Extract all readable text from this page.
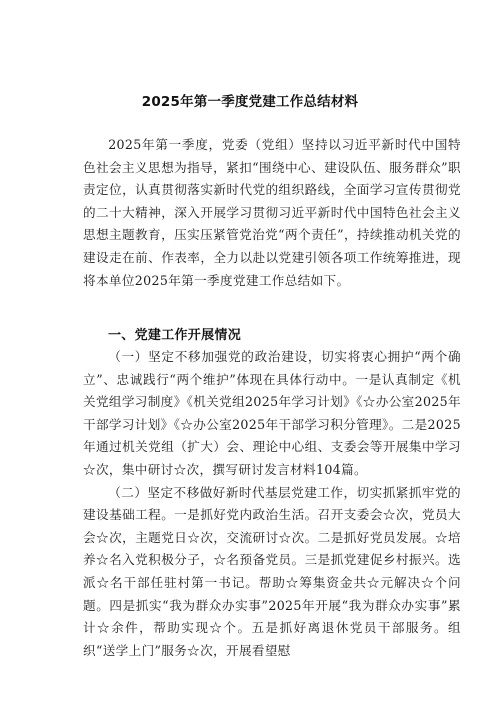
2025年第一季度党建工作总结材料

2025年第一季度，党委（党组）坚持以习近平新时代中国特色社会主义思想为指导，紧扣“围绕中心、建设队伍、服务群众”职责定位，认真贯彻落实新时代党的组织路线，全面学习宣传贯彻党的二十大精神，深入开展学习贯彻习近平新时代中国特色社会主义思想主题教育，压实压紧管党治党“两个责任”，持续推动机关党的建设走在前、作表率，全力以赴以党建引领各项工作统筹推进，现将本单位2025年第一季度党建工作总结如下。

一、党建工作开展情况

（一）坚定不移加强党的政治建设，切实将衷心拥护“两个确立”、忠诚践行“两个维护”体现在具体行动中。一是认真制定《机关党组学习制度》《机关党组2025年学习计划》《☆办公室2025年干部学习计划》《☆办公室2025年干部学习积分管理》。二是2025年通过机关党组（扩大）会、理论中心组、支委会等开展集中学习☆次，集中研讨☆次，撰写研讨发言材料104篇。

（二）坚定不移做好新时代基层党建工作，切实抓紧抓牢党的建设基础工程。一是抓好党内政治生活。召开支委会☆次，党员大会☆次，主题党日☆次，交流研讨☆次。二是抓好党员发展。☆培养☆名入党积极分子，☆名预备党员。三是抓党建促乡村振兴。选派☆名干部任驻村第一书记。帮助☆筹集资金共☆元解决☆个问题。四是抓实“我为群众办实事”2025年开展“我为群众办实事”累计☆余件，帮助实现☆个。五是抓好离退休党员干部服务。组织“送学上门”服务☆次，开展看望慰
